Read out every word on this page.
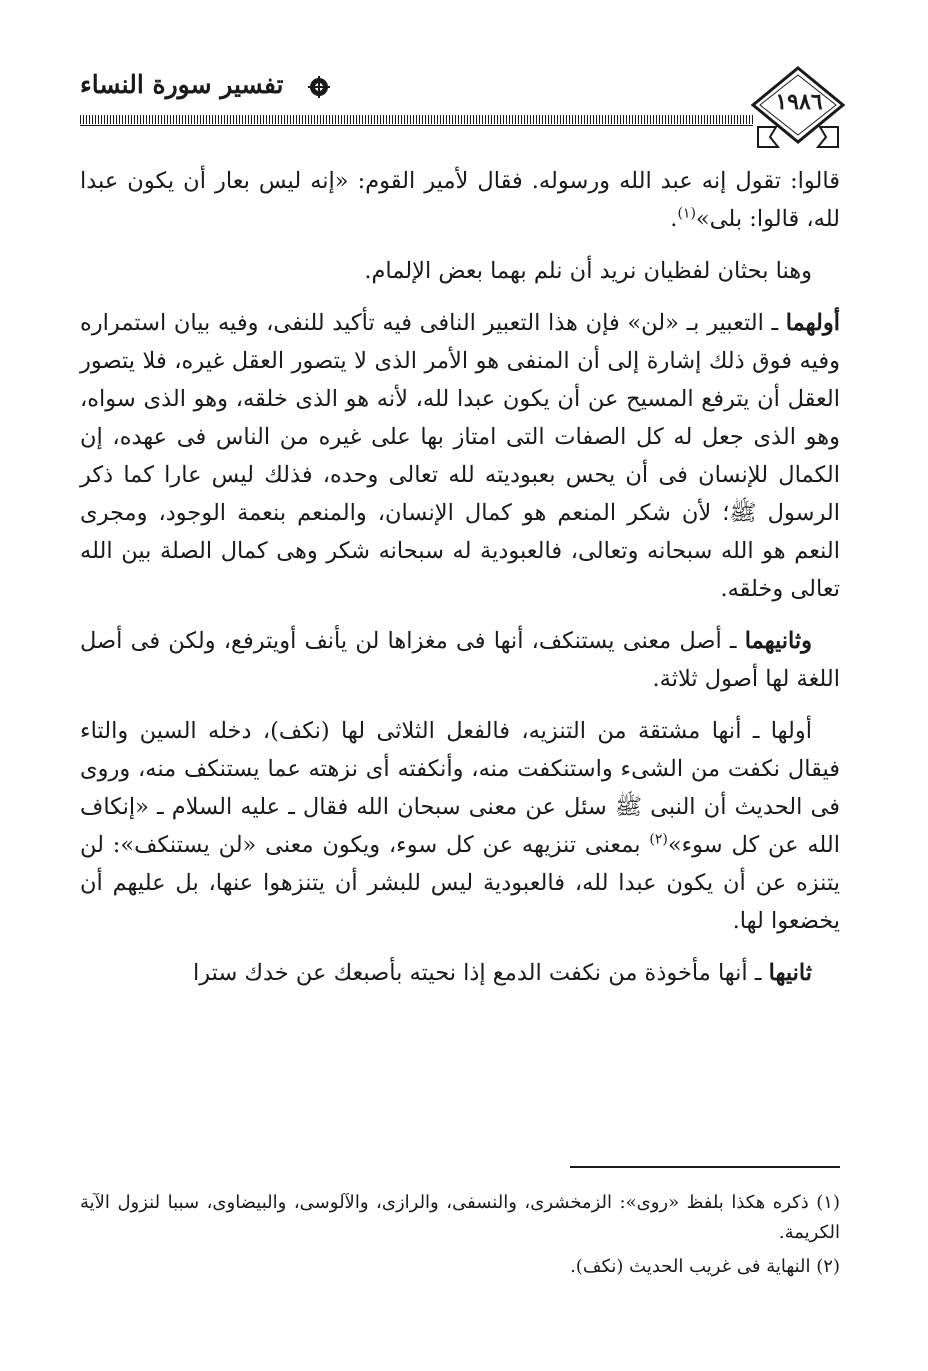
تفسير سورة النساء
١٩٨٦

قالوا: تقول إنه عبد الله ورسوله. فقال لأمير القوم: «إنه ليس بعار أن يكون عبدا لله، قالوا: بلى»$^{(١)}$.

وهنا بحثان لفظيان نريد أن نلم بهما بعض الإلمام.

أولهما ـ التعبير بـ «لن» فإن هذا التعبير النافى فيه تأكيد للنفى، وفيه بيان استمراره وفيه فوق ذلك إشارة إلى أن المنفى هو الأمر الذى لا يتصور العقل غيره، فلا يتصور العقل أن يترفع المسيح عن أن يكون عبدا لله، لأنه هو الذى خلقه، وهو الذى سواه، وهو الذى جعل له كل الصفات التى امتاز بها على غيره من الناس فى عهده، إن الكمال للإنسان فى أن يحس بعبوديته لله تعالى وحده، فذلك ليس عارا كما ذكر الرسول ﷺ؛ لأن شكر المنعم هو كمال الإنسان، والمنعم بنعمة الوجود، ومجرى النعم هو الله سبحانه وتعالى، فالعبودية له سبحانه شكر وهى كمال الصلة بين الله تعالى وخلقه.

وثانيهما ـ أصل معنى يستنكف، أنها فى مغزاها لن يأنف أويترفع، ولكن فى أصل اللغة لها أصول ثلاثة.

أولها ـ أنها مشتقة من التنزيه، فالفعل الثلاثى لها (نكف)، دخله السين والتاء فيقال نكفت من الشىء واستنكفت منه، وأنكفته أى نزهته عما يستنكف منه، وروى فى الحديث أن النبى ﷺ سئل عن معنى سبحان الله فقال ـ عليه السلام ـ «إنكاف الله عن كل سوء»$^{(٢)}$ بمعنى تنزيهه عن كل سوء، ويكون معنى «لن يستنكف»: لن يتنزه عن أن يكون عبدا لله، فالعبودية ليس للبشر أن يتنزهوا عنها، بل عليهم أن يخضعوا لها.

ثانيها ـ أنها مأخوذة من نكفت الدمع إذا نحيته بأصبعك عن خدك سترا

(١) ذكره هكذا بلفظ «روى»: الزمخشرى، والنسفى، والرازى، والآلوسى، والبيضاوى، سببا لنزول الآية الكريمة.

(٢) النهاية فى غريب الحديث (نكف).
